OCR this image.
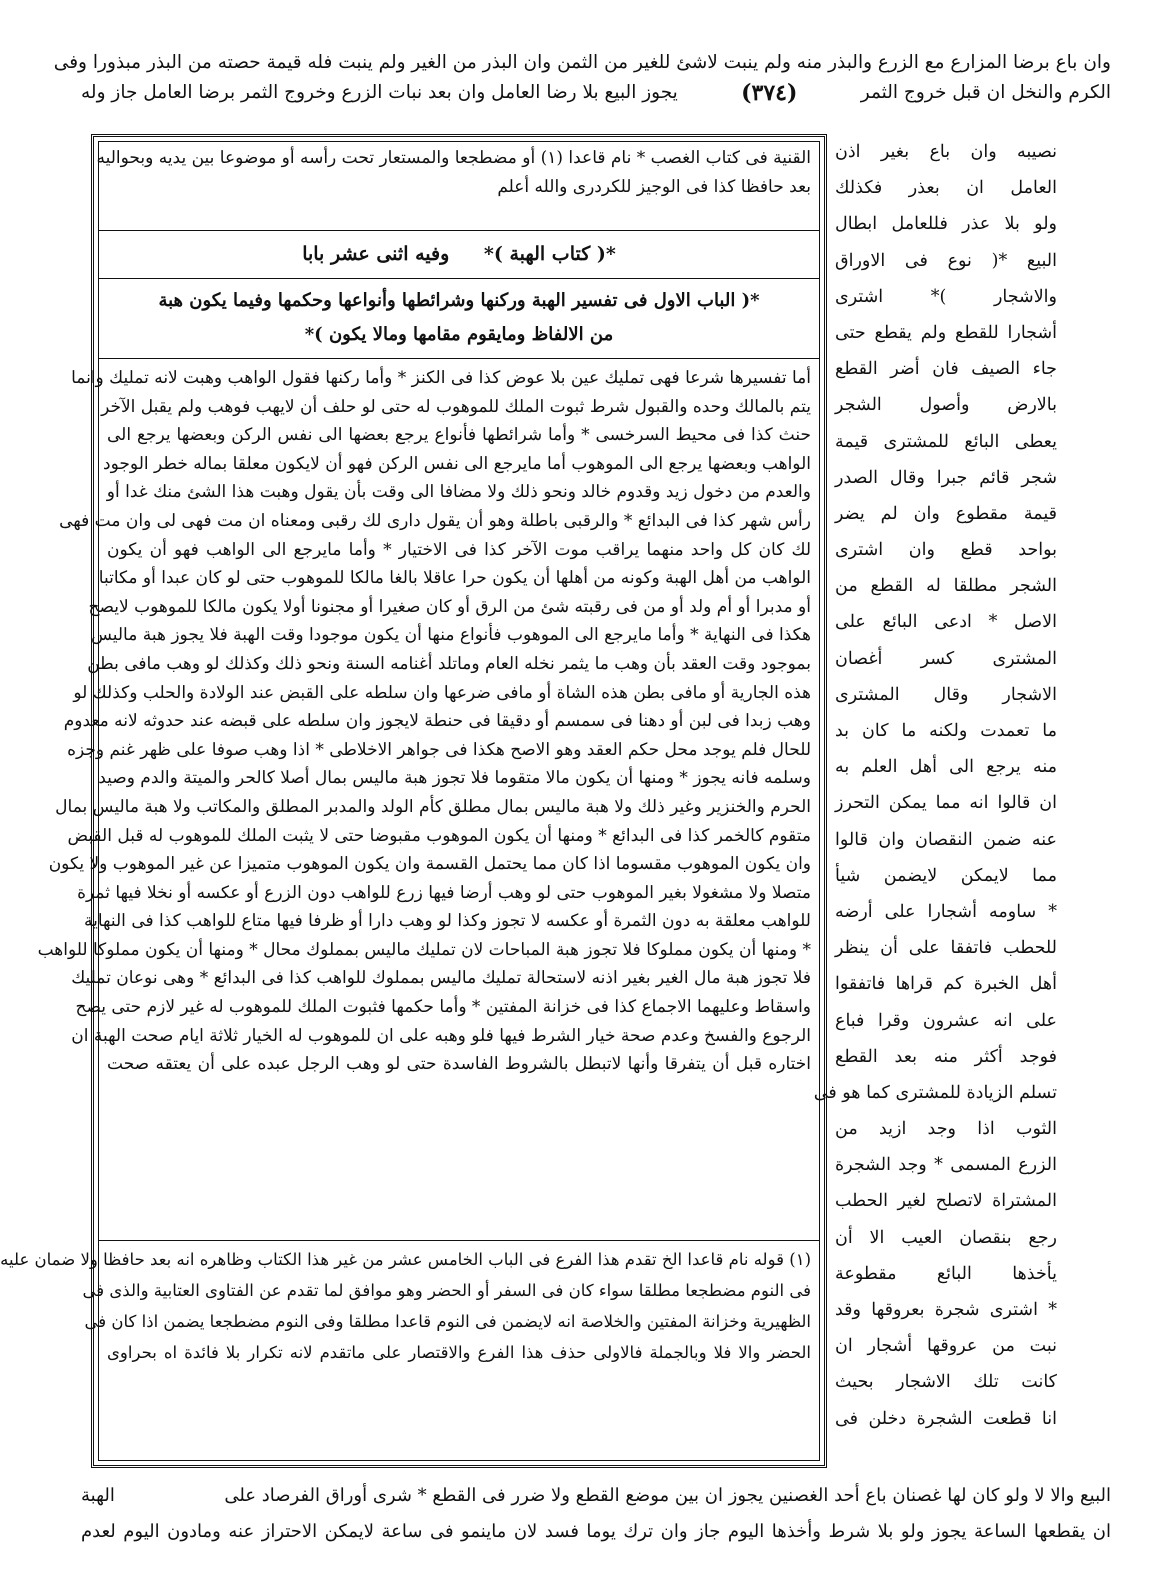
وان باع برضا المزارع مع الزرع والبذر منه ولم ينبت لاشئ للغير من الثمن وان البذر من الغير ولم ينبت فله قيمة حصته من البذر مبذورا وفى
الكرم والنخل ان قبل خروج الثمر
(٣٧٤)
يجوز البيع بلا رضا العامل وان بعد نبات الزرع وخروج الثمر برضا العامل جاز وله
القنية فى كتاب الغصب * نام قاعدا (١) أو مضطجعا والمستعار تحت رأسه أو موضوعا بين يديه وبحواليه
بعد حافظا كذا فى الوجيز للكردرى والله أعلم
*( كتاب الهبة )* وفيه اثنى عشر بابا
*( الباب الاول فى تفسير الهبة وركنها وشرائطها وأنواعها وحكمها وفيما يكون هبة
من الالفاظ ومايقوم مقامها ومالا يكون )*
أما تفسيرها شرعا فهى تمليك عين بلا عوض كذا فى الكنز * وأما ركنها فقول الواهب وهبت لانه تمليك وانما
يتم بالمالك وحده والقبول شرط ثبوت الملك للموهوب له حتى لو حلف أن لايهب فوهب ولم يقبل الآخر
حنث كذا فى محيط السرخسى * وأما شرائطها فأنواع يرجع بعضها الى نفس الركن وبعضها يرجع الى
الواهب وبعضها يرجع الى الموهوب أما مايرجع الى نفس الركن فهو أن لايكون معلقا بماله خطر الوجود
والعدم من دخول زيد وقدوم خالد ونحو ذلك ولا مضافا الى وقت بأن يقول وهبت هذا الشئ منك غدا أو
رأس شهر كذا فى البدائع * والرقبى باطلة وهو أن يقول دارى لك رقبى ومعناه ان مت فهى لى وان مت فهى
لك كان كل واحد منهما يراقب موت الآخر كذا فى الاختيار * وأما مايرجع الى الواهب فهو أن يكون
الواهب من أهل الهبة وكونه من أهلها أن يكون حرا عاقلا بالغا مالكا للموهوب حتى لو كان عبدا أو مكاتبا
أو مدبرا أو أم ولد أو من فى رقبته شئ من الرق أو كان صغيرا أو مجنونا أولا يكون مالكا للموهوب لايصح
هكذا فى النهاية * وأما مايرجع الى الموهوب فأنواع منها أن يكون موجودا وقت الهبة فلا يجوز هبة ماليس
بموجود وقت العقد بأن وهب ما يثمر نخله العام وماتلد أغنامه السنة ونحو ذلك وكذلك لو وهب مافى بطن
هذه الجارية أو مافى بطن هذه الشاة أو مافى ضرعها وان سلطه على القبض عند الولادة والحلب وكذلك لو
وهب زبدا فى لبن أو دهنا فى سمسم أو دقيقا فى حنطة لايجوز وان سلطه على قبضه عند حدوثه لانه معدوم
للحال فلم يوجد محل حكم العقد وهو الاصح هكذا فى جواهر الاخلاطى * اذا وهب صوفا على ظهر غنم وجزه
وسلمه فانه يجوز * ومنها أن يكون مالا متقوما فلا تجوز هبة ماليس بمال أصلا كالحر والميتة والدم وصيد
الحرم والخنزير وغير ذلك ولا هبة ماليس بمال مطلق كأم الولد والمدبر المطلق والمكاتب ولا هبة ماليس بمال
متقوم كالخمر كذا فى البدائع * ومنها أن يكون الموهوب مقبوضا حتى لا يثبت الملك للموهوب له قبل القبض
وان يكون الموهوب مقسوما اذا كان مما يحتمل القسمة وان يكون الموهوب متميزا عن غير الموهوب ولا يكون
متصلا ولا مشغولا بغير الموهوب حتى لو وهب أرضا فيها زرع للواهب دون الزرع أو عكسه أو نخلا فيها ثمرة
للواهب معلقة به دون الثمرة أو عكسه لا تجوز وكذا لو وهب دارا أو ظرفا فيها متاع للواهب كذا فى النهاية
* ومنها أن يكون مملوكا فلا تجوز هبة المباحات لان تمليك ماليس بمملوك محال * ومنها أن يكون مملوكا للواهب
فلا تجوز هبة مال الغير بغير اذنه لاستحالة تمليك ماليس بمملوك للواهب كذا فى البدائع * وهى نوعان تمليك
واسقاط وعليهما الاجماع كذا فى خزانة المفتين * وأما حكمها فثبوت الملك للموهوب له غير لازم حتى يصح
الرجوع والفسخ وعدم صحة خيار الشرط فيها فلو وهبه على ان للموهوب له الخيار ثلاثة ايام صحت الهبة ان
اختاره قبل أن يتفرقا وأنها لاتبطل بالشروط الفاسدة حتى لو وهب الرجل عبده على أن يعتقه صحت
(١) قوله نام قاعدا الخ تقدم هذا الفرع فى الباب الخامس عشر من غير هذا الكتاب وظاهره انه بعد حافظا ولا ضمان عليه
فى النوم مضطجعا مطلقا سواء كان فى السفر أو الحضر وهو موافق لما تقدم عن الفتاوى العتابية والذى فى
الظهيرية وخزانة المفتين والخلاصة انه لايضمن فى النوم قاعدا مطلقا وفى النوم مضطجعا يضمن اذا كان فى
الحضر والا فلا وبالجملة فالاولى حذف هذا الفرع والاقتصار على ماتقدم لانه تكرار بلا فائدة اه بحراوى
نصيبه وان باع بغير اذن
العامل ان بعذر فكذلك
ولو بلا عذر فللعامل ابطال
البيع *( نوع فى الاوراق
والاشجار )* اشترى
أشجارا للقطع ولم يقطع حتى
جاء الصيف فان أضر القطع
بالارض وأصول الشجر
يعطى البائع للمشترى قيمة
شجر قائم جبرا وقال الصدر
قيمة مقطوع وان لم يضر
بواحد قطع وان اشترى
الشجر مطلقا له القطع من
الاصل * ادعى البائع على
المشترى كسر أغصان
الاشجار وقال المشترى
ما تعمدت ولكنه ما كان بد
منه يرجع الى أهل العلم به
ان قالوا انه مما يمكن التحرز
عنه ضمن النقصان وان قالوا
مما لايمكن لايضمن شيأ
* ساومه أشجارا على أرضه
للحطب فاتفقا على أن ينظر
أهل الخبرة كم قراها فاتفقوا
على انه عشرون وقرا فباع
فوجد أكثر منه بعد القطع
تسلم الزيادة للمشترى كما هو فى
الثوب اذا وجد ازيد من
الزرع المسمى * وجد الشجرة
المشتراة لاتصلح لغير الحطب
رجع بنقصان العيب الا أن
يأخذها البائع مقطوعة
* اشترى شجرة بعروقها وقد
نبت من عروقها أشجار ان
كانت تلك الاشجار بحيث
انا قطعت الشجرة دخلن فى
البيع والا لا ولو كان لها غصنان باع أحد الغصنين يجوز ان بين موضع القطع ولا ضرر فى القطع * شرى أوراق الفرصاد على
الهبة
ان يقطعها الساعة يجوز ولو بلا شرط وأخذها اليوم جاز وان ترك يوما فسد لان ماينمو فى ساعة لايمكن الاحتراز عنه ومادون اليوم لعدم
